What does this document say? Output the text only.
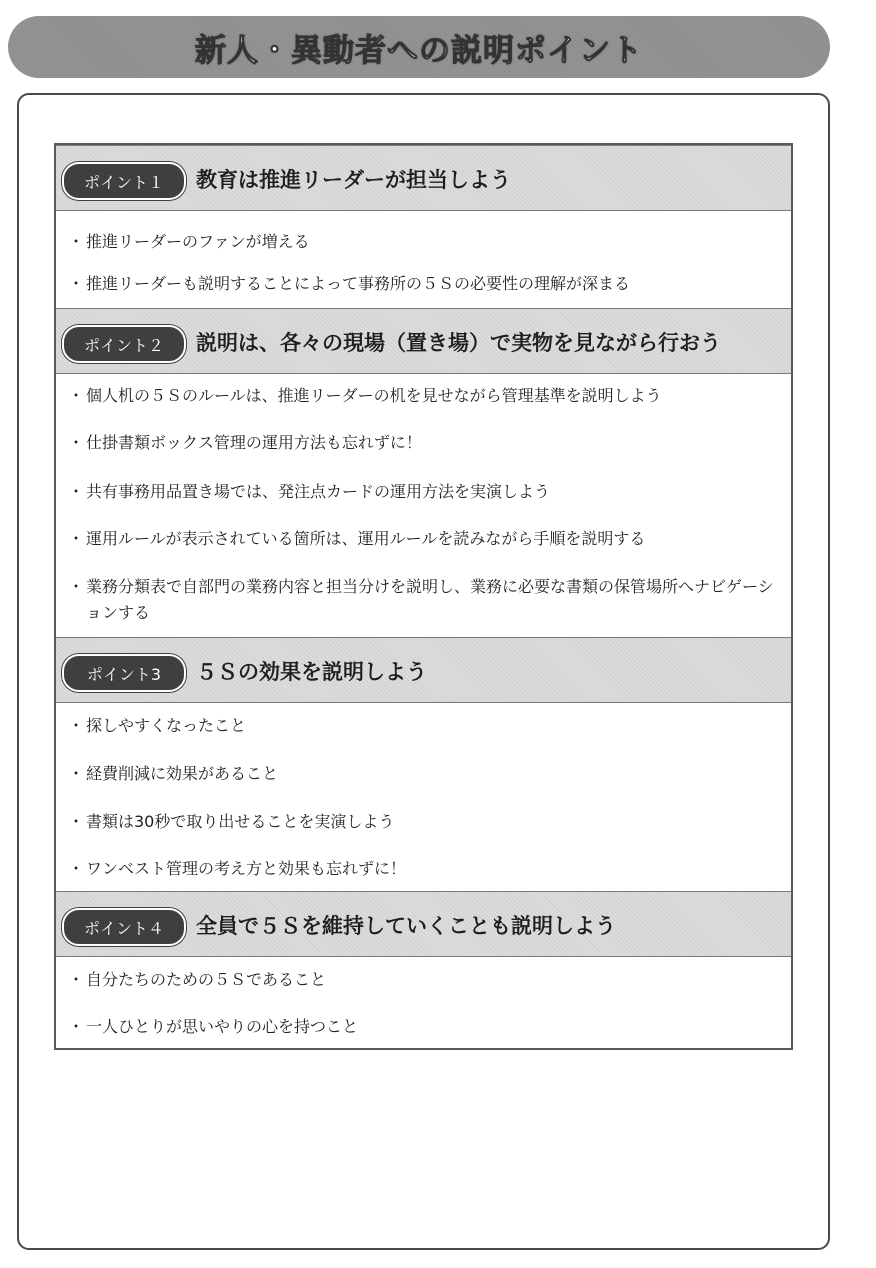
新人・異動者への説明ポイント
ポイント１	教育は推進リーダーが担当しよう
・ 推進リーダーのファンが増える
・ 推進リーダーも説明することによって事務所の５Ｓの必要性の理解が深まる
ポイント２	説明は、各々の現場（置き場）で実物を見ながら行おう
・ 個人机の５Ｓのルールは、推進リーダーの机を見せながら管理基準を説明しよう
・ 仕掛書類ボックス管理の運用方法も忘れずに！
・ 共有事務用品置き場では、発注点カードの運用方法を実演しよう
・ 運用ルールが表示されている箇所は、運用ルールを読みながら手順を説明する
・ 業務分類表で自部門の業務内容と担当分けを説明し、業務に必要な書類の保管場所へナビゲーションする
ポイント3	５Ｓの効果を説明しよう
・ 探しやすくなったこと
・ 経費削減に効果があること
・ 書類は30秒で取り出せることを実演しよう
・ ワンベスト管理の考え方と効果も忘れずに！
ポイント４	全員で５Ｓを維持していくことも説明しよう
・ 自分たちのための５Ｓであること
・ 一人ひとりが思いやりの心を持つこと
